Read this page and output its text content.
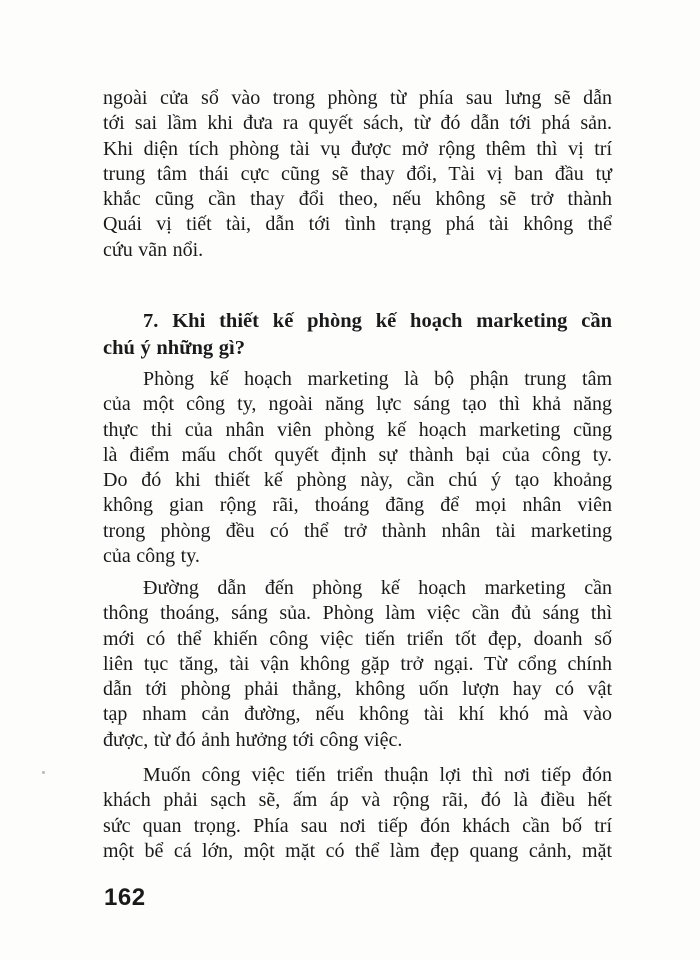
ngoài cửa sổ vào trong phòng từ phía sau lưng sẽ dẫn
tới sai lầm khi đưa ra quyết sách, từ đó dẫn tới phá sản.
Khi diện tích phòng tài vụ được mở rộng thêm thì vị trí
trung tâm thái cực cũng sẽ thay đổi, Tài vị ban đầu tự
khắc cũng cần thay đổi theo, nếu không sẽ trở thành
Quái vị tiết tài, dẫn tới tình trạng phá tài không thể
cứu vãn nổi.
7. Khi thiết kế phòng kế hoạch marketing cần
chú ý những gì?
Phòng kế hoạch marketing là bộ phận trung tâm
của một công ty, ngoài năng lực sáng tạo thì khả năng
thực thi của nhân viên phòng kế hoạch marketing cũng
là điểm mấu chốt quyết định sự thành bại của công ty.
Do đó khi thiết kế phòng này, cần chú ý tạo khoảng
không gian rộng rãi, thoáng đãng để mọi nhân viên
trong phòng đều có thể trở thành nhân tài marketing
của công ty.
Đường dẫn đến phòng kế hoạch marketing cần
thông thoáng, sáng sủa. Phòng làm việc cần đủ sáng thì
mới có thể khiến công việc tiến triển tốt đẹp, doanh số
liên tục tăng, tài vận không gặp trở ngại. Từ cổng chính
dẫn tới phòng phải thẳng, không uốn lượn hay có vật
tạp nham cản đường, nếu không tài khí khó mà vào
được, từ đó ảnh hưởng tới công việc.
Muốn công việc tiến triển thuận lợi thì nơi tiếp đón
khách phải sạch sẽ, ấm áp và rộng rãi, đó là điều hết
sức quan trọng. Phía sau nơi tiếp đón khách cần bố trí
một bể cá lớn, một mặt có thể làm đẹp quang cảnh, mặt
162
